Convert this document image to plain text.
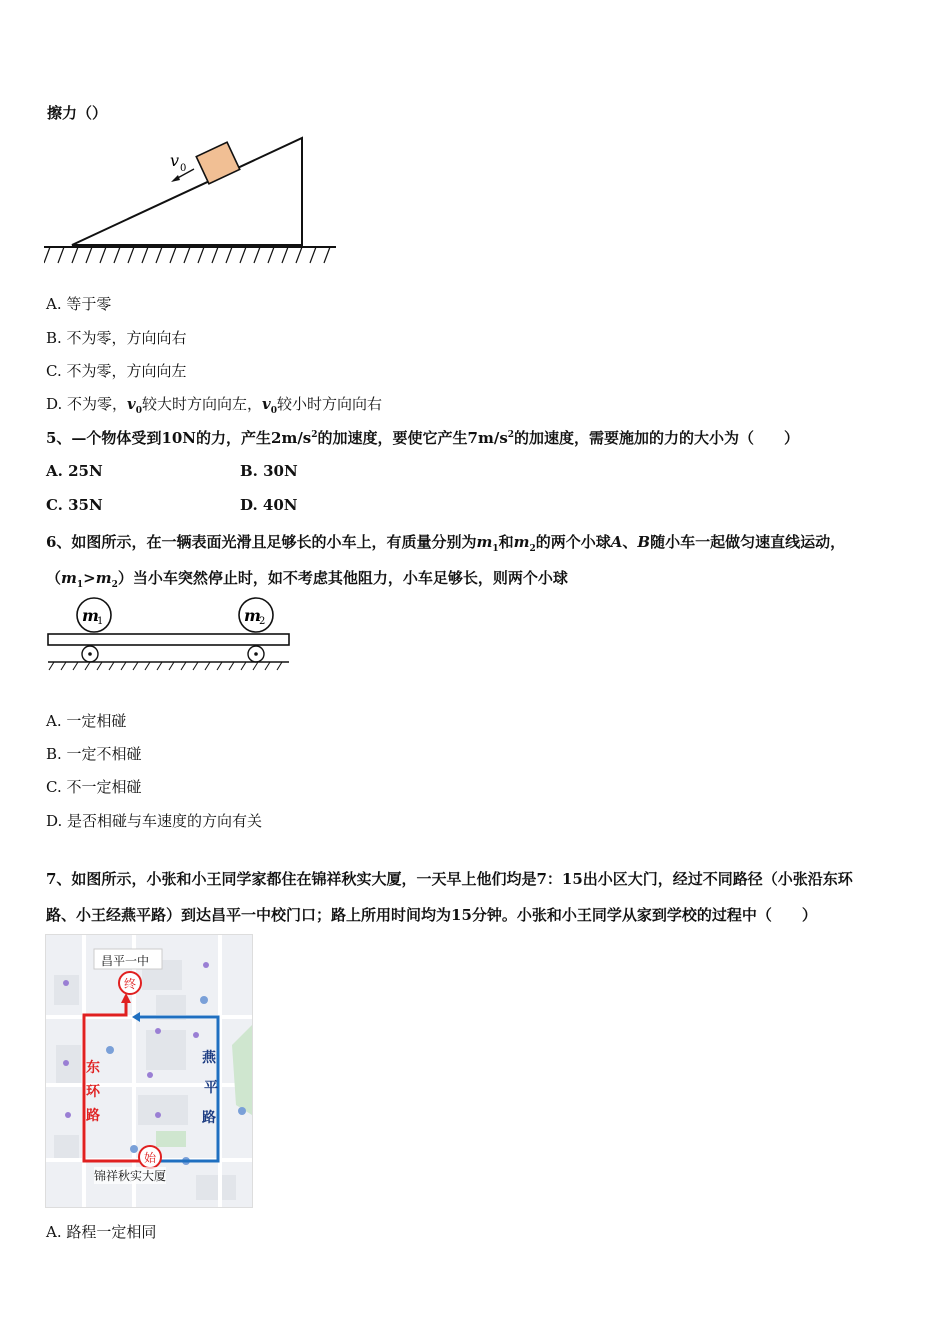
擦力（）
v 0
A. 等于零
B. 不为零，方向向右
C. 不为零，方向向左
D. 不为零，$v_0$较大时方向向左，$v_0$较小时方向向右
5、—个物体受到10N的力，产生$2m/s^2$的加速度，要使它产生$7m/s^2$的加速度，需要施加的力的大小为（　　）
A. 25N	B. 30N
C. 35N	D. 40N
6、如图所示，在一辆表面光滑且足够长的小车上，有质量分别为$m_1$和$m_2$的两个小球A、B随小车一起做匀速直线运动，
$(m_1>m_2)$当小车突然停止时，如不考虑其他阻力，小车足够长，则两个小球
m
1	m
2
A. 一定相碰
B. 一定不相碰
C. 不一定相碰
D. 是否相碰与车速度的方向有关
7、如图所示，小张和小王同学家都住在锦祥秋实大厦，一天早上他们均是7：15出小区大门，经过不同路径（小张沿东环
路、小王经燕平路）到达昌平一中校门口；路上所用时间均为15分钟。小张和小王同学从家到学校的过程中（　　）
昌平一中
终
始
锦祥秋实大厦
东
环
路
燕
平
路
A. 路程一定相同
